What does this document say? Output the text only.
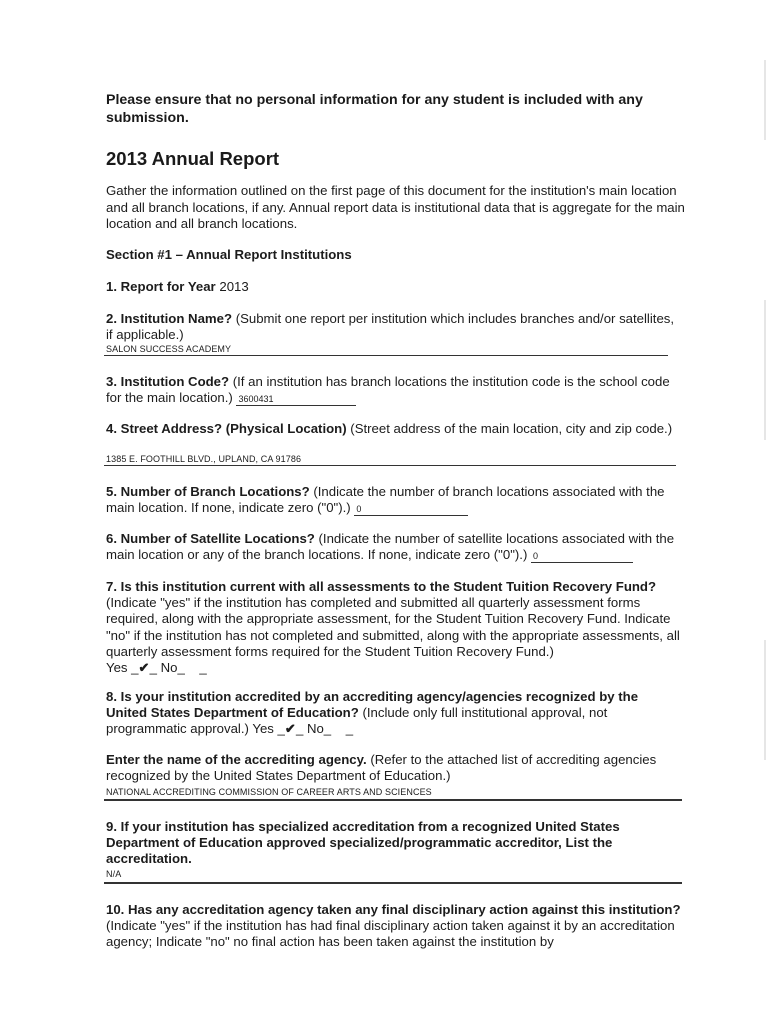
Please ensure that no personal information for any student is included with any submission.
2013 Annual Report
Gather the information outlined on the first page of this document for the institution's main location and all branch locations, if any. Annual report data is institutional data that is aggregate for the main location and all branch locations.
Section #1 – Annual Report Institutions
1. Report for Year 2013
2. Institution Name? (Submit one report per institution which includes branches and/or satellites, if applicable.)
SALON SUCCESS ACADEMY
3. Institution Code? (If an institution has branch locations the institution code is the school code for the main location.) 3600431
4. Street Address? (Physical Location) (Street address of the main location, city and zip code.)
1385 E. FOOTHILL BLVD., UPLAND, CA 91786
5. Number of Branch Locations? (Indicate the number of branch locations associated with the main location. If none, indicate zero ("0").) 0
6. Number of Satellite Locations? (Indicate the number of satellite locations associated with the main location or any of the branch locations. If none, indicate zero ("0").) 0
7. Is this institution current with all assessments to the Student Tuition Recovery Fund? (Indicate "yes" if the institution has completed and submitted all quarterly assessment forms required, along with the appropriate assessment, for the Student Tuition Recovery Fund. Indicate "no" if the institution has not completed and submitted, along with the appropriate assessments, all quarterly assessment forms required for the Student Tuition Recovery Fund.)
Yes _✔_ No_    _
8. Is your institution accredited by an accrediting agency/agencies recognized by the United States Department of Education? (Include only full institutional approval, not programmatic approval.) Yes _✔_ No_    _
Enter the name of the accrediting agency. (Refer to the attached list of accrediting agencies recognized by the United States Department of Education.)
NATIONAL ACCREDITING COMMISSION OF CAREER ARTS AND SCIENCES
9. If your institution has specialized accreditation from a recognized United States Department of Education approved specialized/programmatic accreditor, List the accreditation.
N/A
10. Has any accreditation agency taken any final disciplinary action against this institution? (Indicate "yes" if the institution has had final disciplinary action taken against it by an accreditation agency; Indicate "no" no final action has been taken against the institution by
